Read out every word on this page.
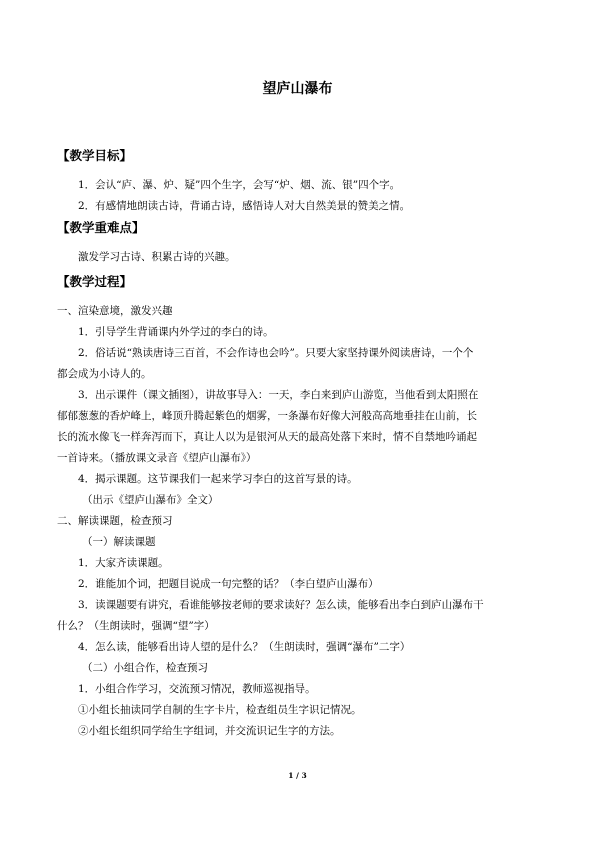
望庐山瀑布
【教学目标】
1．会认“庐、瀑、炉、疑”四个生字，会写“炉、烟、流、银”四个字。
2．有感情地朗读古诗，背诵古诗，感悟诗人对大自然美景的赞美之情。
【教学重难点】
激发学习古诗、积累古诗的兴趣。
【教学过程】
一、渲染意境，激发兴趣
1．引导学生背诵课内外学过的李白的诗。
2．俗话说“熟读唐诗三百首，不会作诗也会吟”。只要大家坚持课外阅读唐诗，一个个
都会成为小诗人的。
3．出示课件（课文插图），讲故事导入：一天，李白来到庐山游览，当他看到太阳照在
郁郁葱葱的香炉峰上，峰顶升腾起紫色的烟雾，一条瀑布好像大河般高高地垂挂在山前，长
长的流水像飞一样奔泻而下，真让人以为是银河从天的最高处落下来时，情不自禁地吟诵起
一首诗来。（播放课文录音《望庐山瀑布》）
4．揭示课题。这节课我们一起来学习李白的这首写景的诗。
（出示《望庐山瀑布》全文）
二、解读课题，检查预习
（一）解读课题
1．大家齐读课题。
2．谁能加个词，把题目说成一句完整的话？（李白望庐山瀑布）
3．读课题要有讲究，看谁能够按老师的要求读好？怎么读，能够看出李白到庐山瀑布干
什么？（生朗读时，强调“望”字）
4．怎么读，能够看出诗人望的是什么？（生朗读时，强调“瀑布”二字）
（二）小组合作，检查预习
1．小组合作学习，交流预习情况，教师巡视指导。
①小组长抽读同学自制的生字卡片，检查组员生字识记情况。
②小组长组织同学给生字组词，并交流识记生字的方法。
1 / 3
